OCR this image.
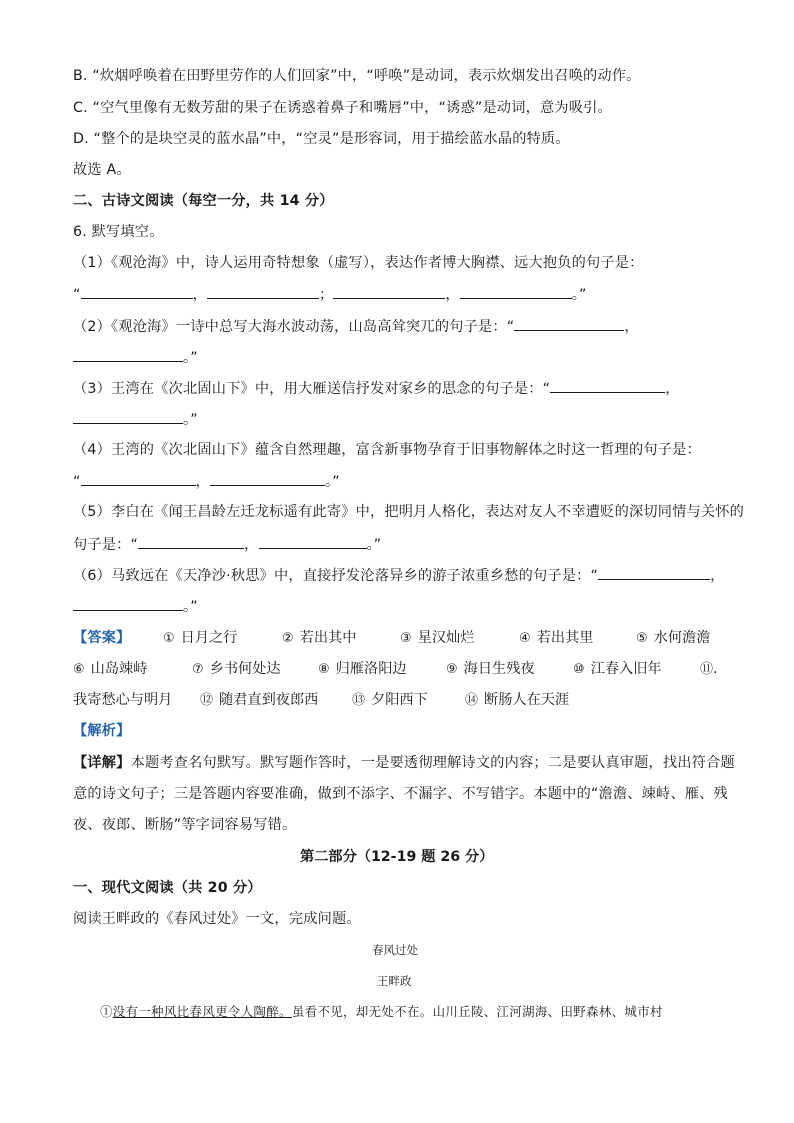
B. “炊烟呼唤着在田野里劳作的人们回家”中，“呼唤”是动词，表示炊烟发出召唤的动作。
C. “空气里像有无数芳甜的果子在诱惑着鼻子和嘴唇”中，“诱惑”是动词，意为吸引。
D. “整个的是块空灵的蓝水晶”中，“空灵”是形容词，用于描绘蓝水晶的特质。
故选 A。
二、古诗文阅读（每空一分，共 14 分）
6. 默写填空。
（1）《观沧海》中，诗人运用奇特想象（虚写），表达作者博大胸襟、远大抱负的句子是：
“	，	；	，	。”
（2）《观沧海》一诗中总写大海水波动荡，山岛高耸突兀的句子是：“	，
。”
（3）王湾在《次北固山下》中，用大雁送信抒发对家乡的思念的句子是：“	，
。”
（4）王湾的《次北固山下》蕴含自然理趣，富含新事物孕育于旧事物解体之时这一哲理的句子是：
“	，	。”
（5）李白在《闻王昌龄左迁龙标遥有此寄》中，把明月人格化，表达对友人不幸遭贬的深切同情与关怀的
句子是：“	，	。”
（6）马致远在《天净沙·秋思》中，直接抒发沦落异乡的游子浓重乡愁的句子是：“	，
。”
【答案】 ① 日月之行	② 若出其中	③ 星汉灿烂	④ 若出其里	⑤ 水何澹澹
⑥ 山岛竦峙	⑦ 乡书何处达	⑧ 归雁洛阳边	⑨ 海日生残夜	⑩ 江春入旧年	⑪.
我寄愁心与明月 ⑫ 随君直到夜郎西	⑬ 夕阳西下	⑭ 断肠人在天涯
【解析】
【详解】本题考查名句默写。默写题作答时，一是要透彻理解诗文的内容；二是要认真审题，找出符合题
意的诗文句子；三是答题内容要准确，做到不添字、不漏字、不写错字。本题中的“澹澹、竦峙、雁、残
夜、夜郎、断肠”等字词容易写错。
第二部分（12-19 题 26 分）
一、现代文阅读（共 20 分）
阅读王畔政的《春风过处》一文，完成问题。
春风过处
王畔政
①没有一种风比春风更令人陶醉。虽看不见，却无处不在。山川丘陵、江河湖海、田野森林、城市村
